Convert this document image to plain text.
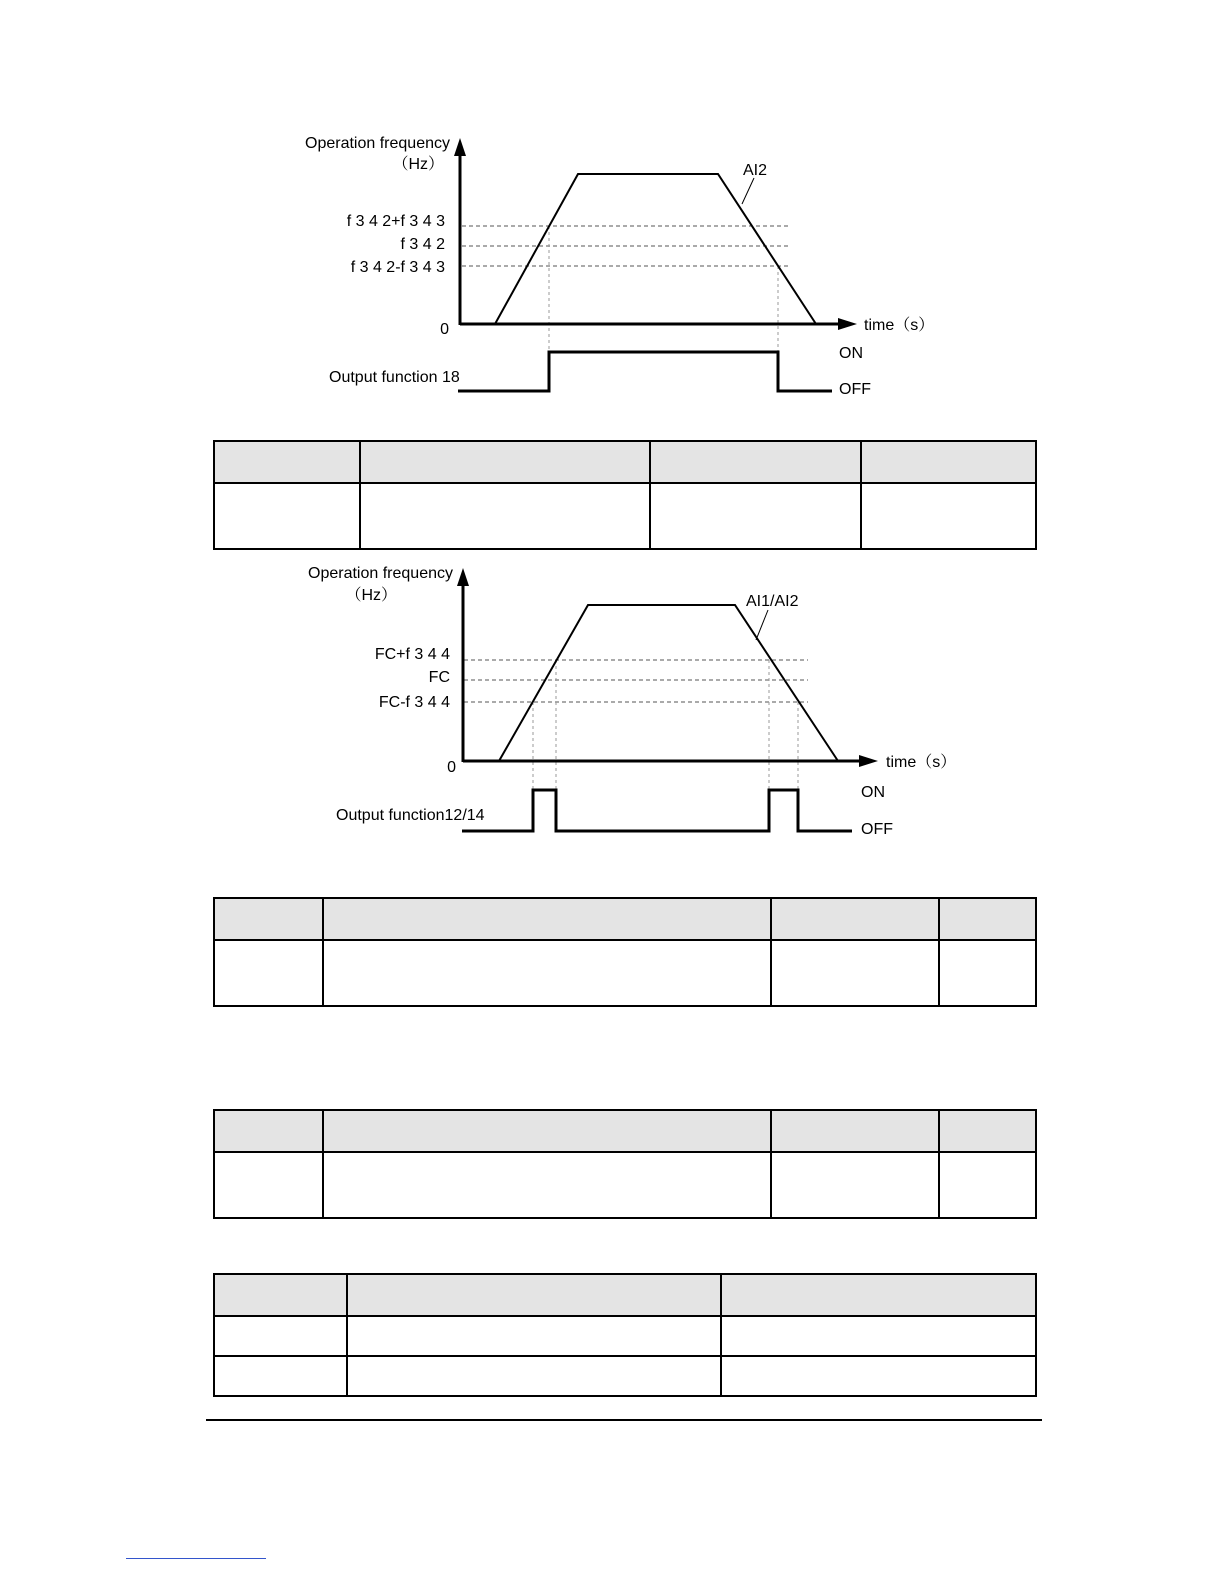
Operation frequency
（Hz）
0	time（s）
AI2
f 3 4 2+f 3 4 3
f 3 4 2
f 3 4 2-f 3 4 3
Output function 18
ON
OFF

Operation frequency
（Hz）
0	time（s）
AI1/AI2
FC+f 3 4 4
FC
FC-f 3 4 4
Output function12/14
ON
OFF
